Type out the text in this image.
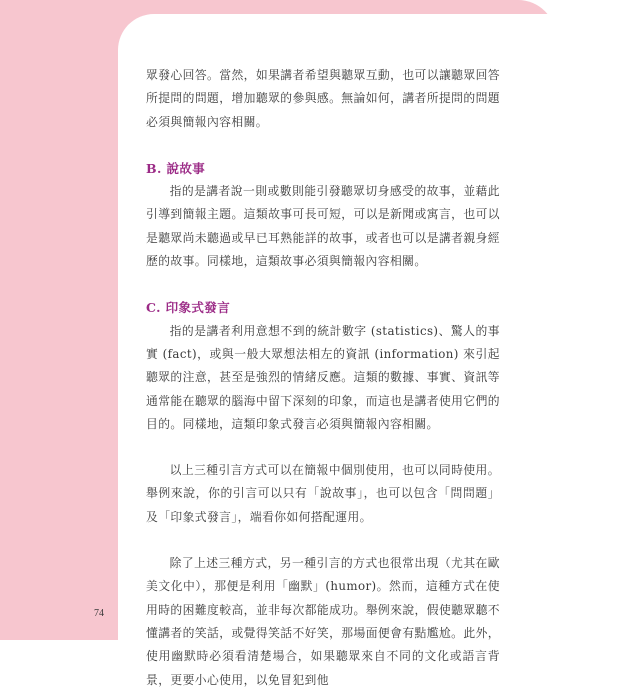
眾發心回答。當然，如果講者希望與聽眾互動，也可以讓聽眾回答所提問的問題，增加聽眾的參與感。無論如何，講者所提問的問題必須與簡報內容相關。

B. 說故事

指的是講者說一則或數則能引發聽眾切身感受的故事，並藉此引導到簡報主題。這類故事可長可短，可以是新聞或寓言，也可以是聽眾尚未聽過或早已耳熟能詳的故事，或者也可以是講者親身經歷的故事。同樣地，這類故事必須與簡報內容相關。

C. 印象式發言

指的是講者利用意想不到的統計數字 (statistics)、驚人的事實 (fact)，或與一般大眾想法相左的資訊 (information) 來引起聽眾的注意，甚至是強烈的情緒反應。這類的數據、事實、資訊等通常能在聽眾的腦海中留下深刻的印象，而這也是講者使用它們的目的。同樣地，這類印象式發言必須與簡報內容相關。

以上三種引言方式可以在簡報中個別使用，也可以同時使用。舉例來說，你的引言可以只有「說故事」，也可以包含「問問題」及「印象式發言」，端看你如何搭配運用。

除了上述三種方式，另一種引言的方式也很常出現（尤其在歐美文化中），那便是利用「幽默」(humor)。然而，這種方式在使用時的困難度較高，並非每次都能成功。舉例來說，假使聽眾聽不懂講者的笑話，或覺得笑話不好笑，那場面便會有點尷尬。此外，使用幽默時必須看清楚場合，如果聽眾來自不同的文化或語言背景，更要小心使用，以免冒犯到他

74
